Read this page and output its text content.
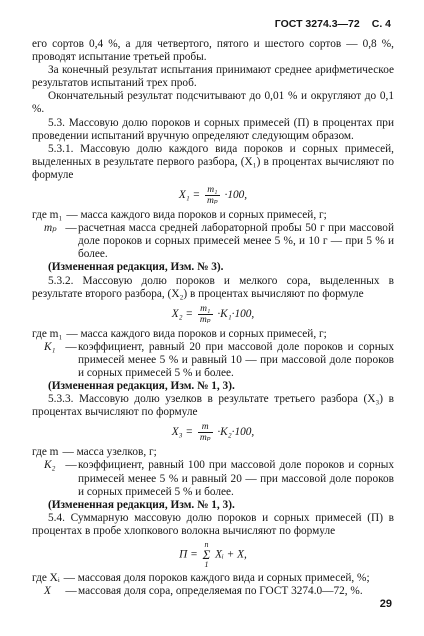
ГОСТ 3274.3—72 С. 4

его сортов 0,4 %, а для четвертого, пятого и шестого сортов — 0,8 %, проводят испытание третьей пробы.

За конечный результат испытания принимают среднее арифметическое результатов испытаний трех проб.

Окончательный результат подсчитывают до 0,01 % и округляют до 0,1 %.

5.3. Массовую долю пороков и сорных примесей (П) в процентах при проведении испытаний вручную определяют следующим образом.

5.3.1. Массовую долю каждого вида пороков и сорных примесей, выделенных в результате первого разбора, (X₁) в процентах вычисляют по формуле

$X_1 = \frac{\text{m₁}}{\text{mₚ}} \cdot 100$,
где m₁ — масса каждого вида пороков и сорных примесей, г;
mₚ — расчетная масса средней лабораторной пробы 50 г при массовой доле пороков и сорных примесей менее 5 %, и 10 г — при 5 % и более.

(Измененная редакция, Изм. № 3).

5.3.2. Массовую долю пороков и мелкого сора, выделенных в результате второго разбора, (X₂) в процентах вычисляют по формуле

$X_2 = \frac{\text{m₁}}{\text{mₚ}} \cdot K_1\cdot 100$,
где m₁ — масса каждого вида пороков и сорных примесей, г;
K₁ — коэффициент, равный 20 при массовой доле пороков и сорных примесей менее 5 % и равный 10 — при массовой доле пороков и сорных примесей 5 % и более.

(Измененная редакция, Изм. № 1, 3).

5.3.3. Массовую долю узелков в результате третьего разбора (X₃) в процентах вычисляют по формуле

$X_3 = \frac{m}{\text{mₚ}} \cdot K_2\cdot 100$,
где m — масса узелков, г;
K₂ — коэффициент, равный 100 при массовой доле пороков и сорных примесей менее 5 % и равный 20 — при массовой доле пороков и сорных примесей 5 % и более.

(Измененная редакция, Изм. № 1, 3).

5.4. Суммарную массовую долю пороков и сорных примесей (П) в процентах в пробе хлопкового волокна вычисляют по формуле

П = n
Σ
1 Xᵢ + X,
где Xᵢ — массовая доля пороков каждого вида и сорных примесей, %;
X	— массовая доля сора, определяемая по ГОСТ 3274.0—72, %.
29
